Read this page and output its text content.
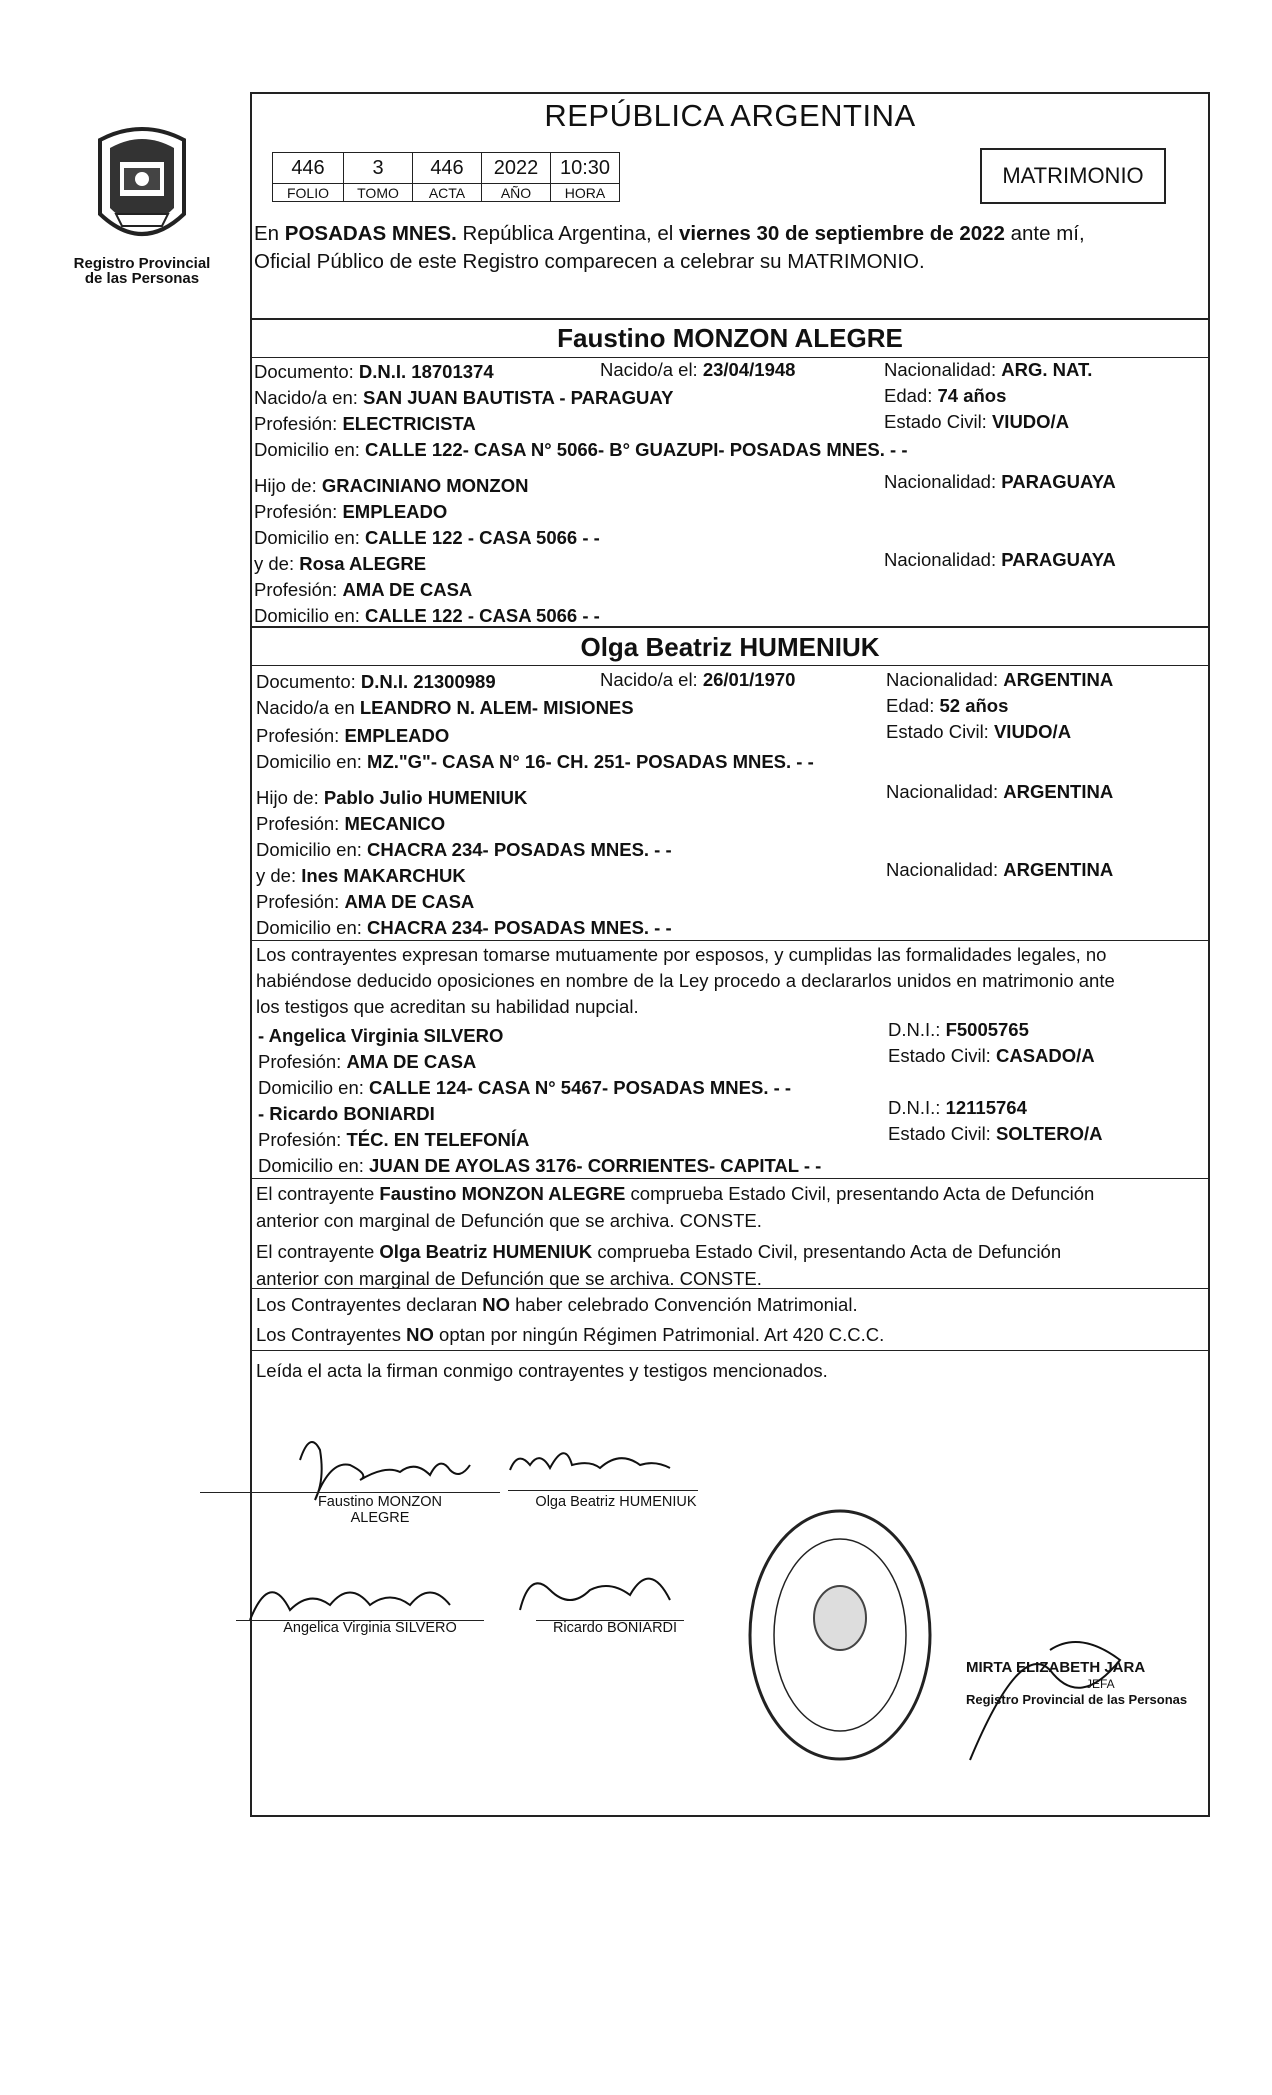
Registro Provincial
de las Personas
REPÚBLICA ARGENTINA
446	3	446	2022	10:30
FOLIO	TOMO	ACTA	AÑO	HORA
MATRIMONIO
En POSADAS MNES. República Argentina, el viernes 30 de septiembre de 2022 ante mí,
Oficial Público de este Registro comparecen a celebrar su MATRIMONIO.
Faustino MONZON ALEGRE
Documento: D.N.I. 18701374	Nacido/a el: 23/04/1948	Nacionalidad: ARG. NAT.
Nacido/a en: SAN JUAN BAUTISTA - PARAGUAY	Edad: 74 años
Profesión: ELECTRICISTA	Estado Civil: VIUDO/A
Domicilio en: CALLE 122- CASA N° 5066- B° GUAZUPI- POSADAS MNES. - -
Hijo de: GRACINIANO MONZON	Nacionalidad: PARAGUAYA
Profesión: EMPLEADO
Domicilio en: CALLE 122 - CASA 5066 - -
y de: Rosa ALEGRE	Nacionalidad: PARAGUAYA
Profesión: AMA DE CASA
Domicilio en: CALLE 122 - CASA 5066 - -
Olga Beatriz HUMENIUK
Documento: D.N.I. 21300989	Nacido/a el: 26/01/1970	Nacionalidad: ARGENTINA
Nacido/a en LEANDRO N. ALEM- MISIONES	Edad: 52 años
Profesión: EMPLEADO	Estado Civil: VIUDO/A
Domicilio en: MZ."G"- CASA N° 16- CH. 251- POSADAS MNES. - -
Hijo de: Pablo Julio HUMENIUK	Nacionalidad: ARGENTINA
Profesión: MECANICO
Domicilio en: CHACRA 234- POSADAS MNES. - -
y de: Ines MAKARCHUK	Nacionalidad: ARGENTINA
Profesión: AMA DE CASA
Domicilio en: CHACRA 234- POSADAS MNES. - -
Los contrayentes expresan tomarse mutuamente por esposos, y cumplidas las formalidades legales, no
habiéndose deducido oposiciones en nombre de la Ley procedo a declararlos unidos en matrimonio ante
los testigos que acreditan su habilidad nupcial.
- Angelica Virginia SILVERO	D.N.I.: F5005765
Profesión: AMA DE CASA	Estado Civil: CASADO/A
Domicilio en: CALLE 124- CASA N° 5467- POSADAS MNES. - -
- Ricardo BONIARDI	D.N.I.: 12115764
Profesión: TÉC. EN TELEFONÍA	Estado Civil: SOLTERO/A
Domicilio en: JUAN DE AYOLAS 3176- CORRIENTES- CAPITAL - -
El contrayente Faustino MONZON ALEGRE comprueba Estado Civil, presentando Acta de Defunción
anterior con marginal de Defunción que se archiva. CONSTE.
El contrayente Olga Beatriz HUMENIUK comprueba Estado Civil, presentando Acta de Defunción
anterior con marginal de Defunción que se archiva. CONSTE.
Los Contrayentes declaran NO haber celebrado Convención Matrimonial.
Los Contrayentes NO optan por ningún Régimen Patrimonial. Art 420 C.C.C.
Leída el acta la firman conmigo contrayentes y testigos mencionados.
Faustino MONZON
ALEGRE
Olga Beatriz HUMENIUK
Angelica Virginia SILVERO	Ricardo BONIARDI
MIRTA ELIZABETH JARA
JEFA
Registro Provincial de las Personas
